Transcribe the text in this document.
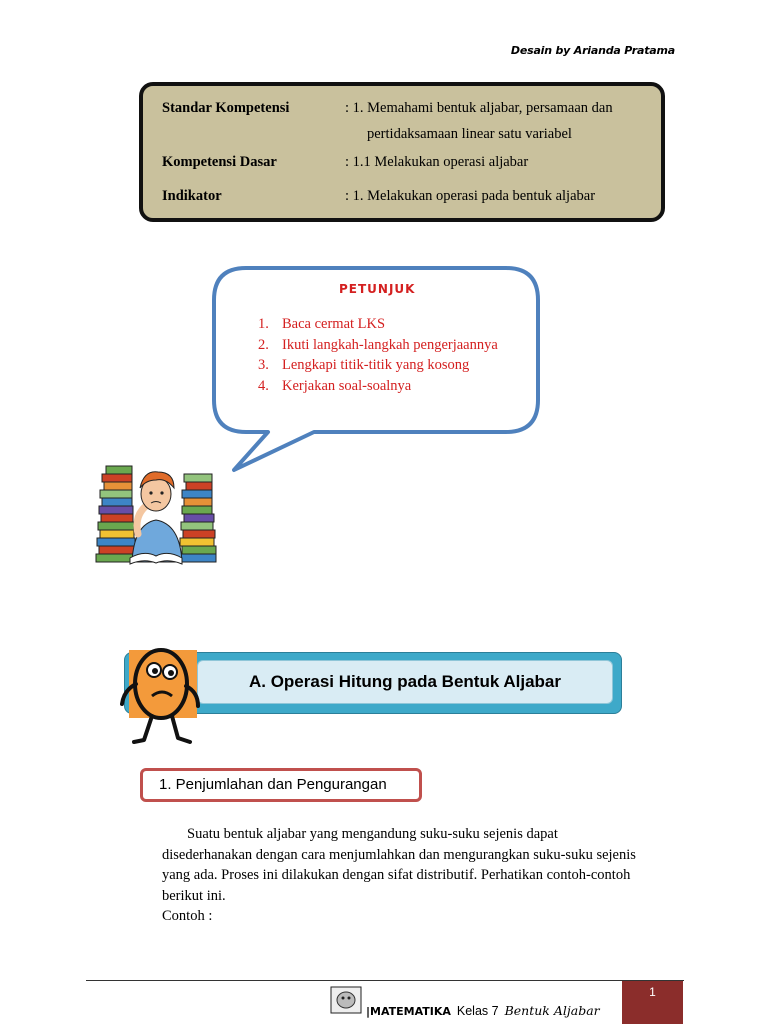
Desain by Arianda Pratama
Standar Kompetensi	: 1. Memahami bentuk aljabar, persamaan dan
pertidaksamaan linear satu variabel
Kompetensi Dasar	: 1.1 Melakukan operasi aljabar
Indikator	: 1. Melakukan operasi pada bentuk aljabar
PETUNJUK
1. Baca cermat LKS
2. Ikuti langkah-langkah pengerjaannya
3. Lengkapi titik-titik yang kosong
4. Kerjakan soal-soalnya
A. Operasi Hitung pada Bentuk Aljabar
1. Penjumlahan dan Pengurangan
Suatu bentuk aljabar yang mengandung suku-suku sejenis dapat
disederhanakan dengan cara menjumlahkan dan mengurangkan suku-suku sejenis
yang ada. Proses ini dilakukan dengan sifat distributif. Perhatikan contoh-contoh
berikut ini.
Contoh :
|MATEMATIKA Kelas 7 Bentuk Aljabar
1
